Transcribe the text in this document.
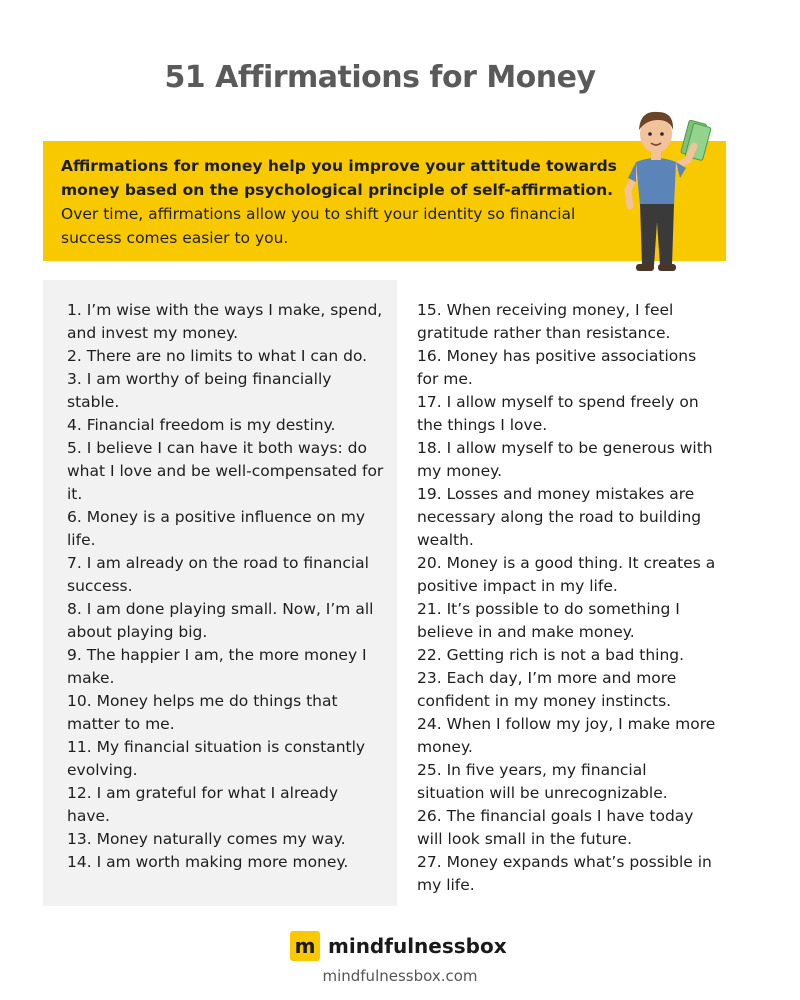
51 Affirmations for Money
Affirmations for money help you improve your attitude towards money based on the psychological principle of self-affirmation.
Over time, affirmations allow you to shift your identity so financial success comes easier to you.
1. I’m wise with the ways I make, spend, and invest my money.
2. There are no limits to what I can do.
3. I am worthy of being financially stable.
4. Financial freedom is my destiny.
5. I believe I can have it both ways: do what I love and be well-compensated for it.
6. Money is a positive influence on my life.
7. I am already on the road to financial success.
8. I am done playing small. Now, I’m all about playing big.
9. The happier I am, the more money I make.
10. Money helps me do things that matter to me.
11. My financial situation is constantly evolving.
12. I am grateful for what I already have.
13. Money naturally comes my way.
14. I am worth making more money.
15. When receiving money, I feel gratitude rather than resistance.
16. Money has positive associations for me.
17. I allow myself to spend freely on the things I love.
18. I allow myself to be generous with my money.
19. Losses and money mistakes are necessary along the road to building wealth.
20. Money is a good thing. It creates a positive impact in my life.
21. It’s possible to do something I believe in and make money.
22. Getting rich is not a bad thing.
23. Each day, I’m more and more confident in my money instincts.
24. When I follow my joy, I make more money.
25. In five years, my financial situation will be unrecognizable.
26. The financial goals I have today will look small in the future.
27. Money expands what’s possible in my life.
m mindfulnessbox
mindfulnessbox.com
